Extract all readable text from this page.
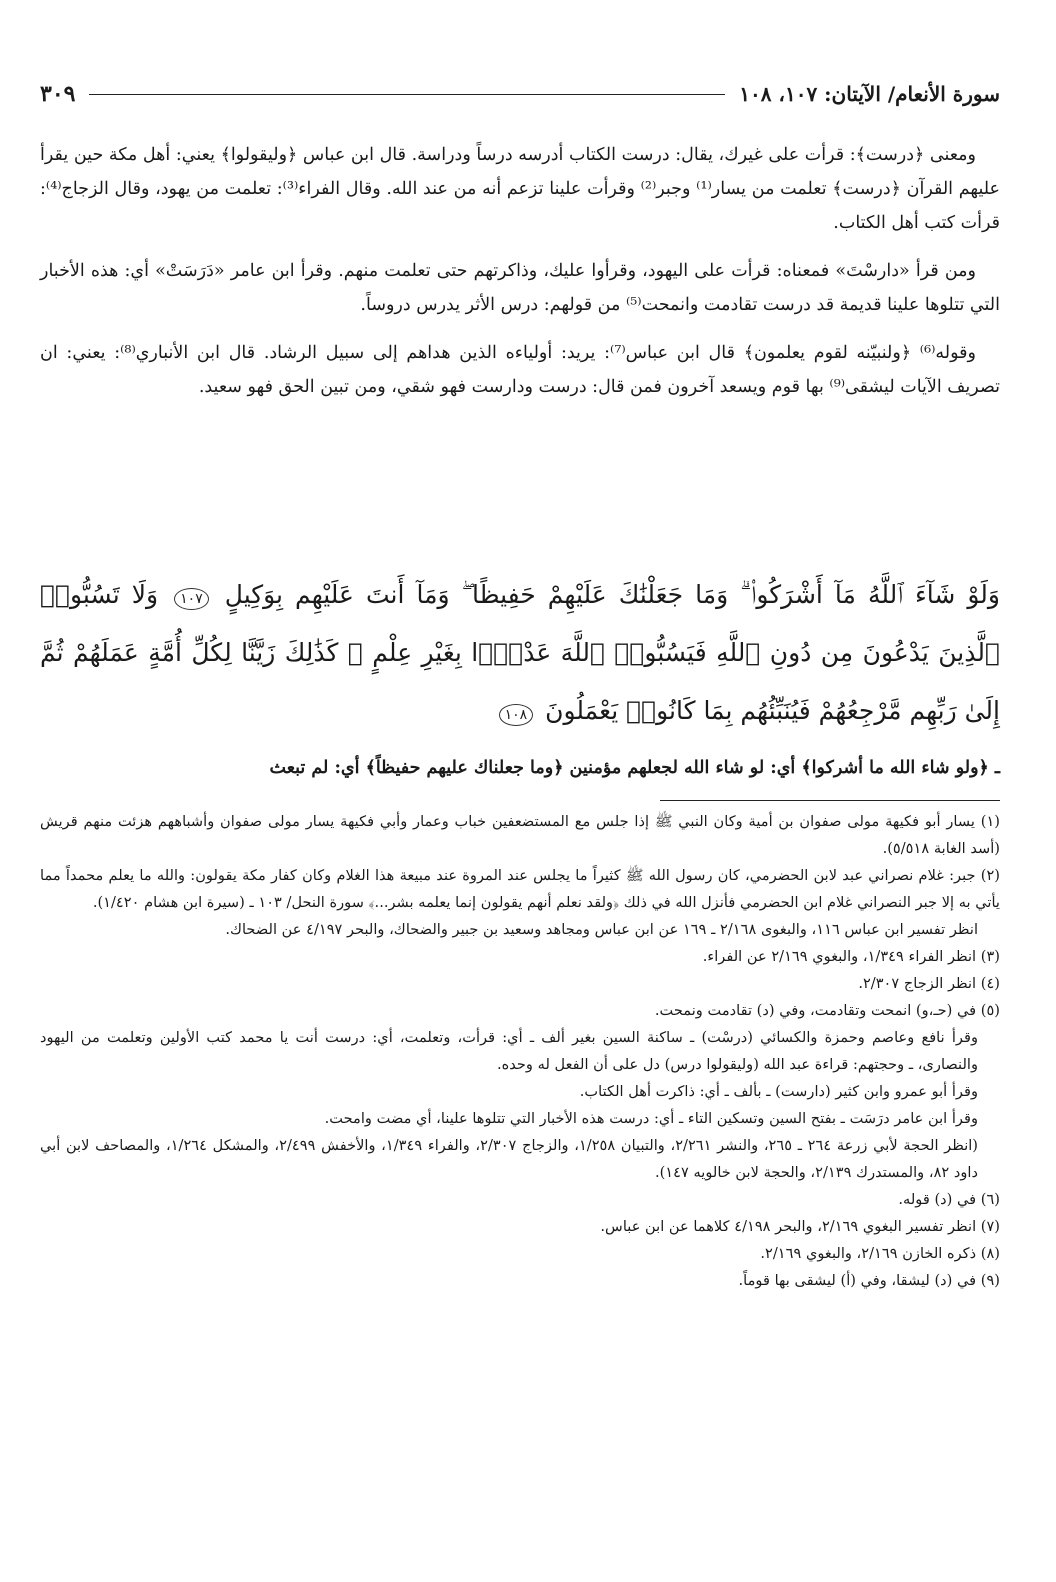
سورة الأنعام/ الآيتان: ١٠٧، ١٠٨
٣٠٩

ومعنى ﴿درست﴾: قرأت على غيرك، يقال: درست الكتاب أدرسه درساً ودراسة. قال ابن عباس ﴿وليقولوا﴾ يعني: أهل مكة حين يقرأ عليهم القرآن ﴿درست﴾ تعلمت من يسار⁽¹⁾ وجبر⁽²⁾ وقرأت علينا تزعم أنه من عند الله. وقال الفراء⁽³⁾: تعلمت من يهود، وقال الزجاج⁽⁴⁾: قرأت كتب أهل الكتاب.

ومن قرأ «دارسْتَ» فمعناه: قرأت على اليهود، وقرأوا عليك، وذاكرتهم حتى تعلمت منهم. وقرأ ابن عامر «دَرَسَتْ» أي: هذه الأخبار التي تتلوها علينا قديمة قد درست تقادمت وانمحت⁽⁵⁾ من قولهم: درس الأثر يدرس دروساً.

وقوله⁽⁶⁾ ﴿ولنبيّنه لقوم يعلمون﴾ قال ابن عباس⁽⁷⁾: يريد: أولياءه الذين هداهم إلى سبيل الرشاد. قال ابن الأنباري⁽⁸⁾: يعني: ان تصريف الآيات ليشقى⁽⁹⁾ بها قوم ويسعد آخرون فمن قال: درست ودارست فهو شقي، ومن تبين الحق فهو سعيد.

وَلَوْ شَآءَ ٱللَّهُ مَآ أَشْرَكُوا۟ ۗ وَمَا جَعَلْنَٰكَ عَلَيْهِمْ حَفِيظًا ۖ وَمَآ أَنتَ عَلَيْهِم بِوَكِيلٍ ١٠٧ وَلَا تَسُبُّوا۟ ٱلَّذِينَ يَدْعُونَ مِن دُونِ ٱللَّهِ فَيَسُبُّوا۟ ٱللَّهَ عَدْوًۢا بِغَيْرِ عِلْمٍ ۗ كَذَٰلِكَ زَيَّنَّا لِكُلِّ أُمَّةٍ عَمَلَهُمْ ثُمَّ إِلَىٰ رَبِّهِم مَّرْجِعُهُمْ فَيُنَبِّئُهُم بِمَا كَانُوا۟ يَعْمَلُونَ ١٠٨

ـ ﴿ولو شاء الله ما أشركوا﴾ أي: لو شاء الله لجعلهم مؤمنين ﴿وما جعلناك عليهم حفيظاً﴾ أي: لم تبعث

(١) يسار أبو فكيهة مولى صفوان بن أمية وكان النبي ﷺ إذا جلس مع المستضعفين خباب وعمار وأبي فكيهة يسار مولى صفوان وأشباههم هزئت منهم قريش (أسد الغابة ٥/٥١٨).

(٢) جبر: غلام نصراني عبد لابن الحضرمي، كان رسول الله ﷺ كثيراً ما يجلس عند المروة عند مبيعة هذا الغلام وكان كفار مكة يقولون: والله ما يعلم محمداً مما يأتي به إلا جبر النصراني غلام ابن الحضرمي فأنزل الله في ذلك ﴿ولقد نعلم أنهم يقولون إنما يعلمه بشر...﴾ سورة النحل/ ١٠٣ ـ (سيرة ابن هشام ١/٤٢٠).

انظر تفسير ابن عباس ١١٦، والبغوى ٢/١٦٨ ـ ١٦٩ عن ابن عباس ومجاهد وسعيد بن جبير والضحاك، والبحر ٤/١٩٧ عن الضحاك.

(٣) انظر الفراء ١/٣٤٩، والبغوي ٢/١٦٩ عن الفراء.

(٤) انظر الزجاج ٢/٣٠٧.

(٥) في (حـ،و) انمحت وتقادمت، وفي (د) تقادمت ونمحت.

وقرأ نافع وعاصم وحمزة والكسائي (درسْت) ـ ساكنة السين بغير ألف ـ أي: قرأت، وتعلمت، أي: درست أنت يا محمد كتب الأولين وتعلمت من اليهود والنصارى، ـ وحجتهم: قراءة عبد الله (وليقولوا درس) دل على أن الفعل له وحده.

وقرأ أبو عمرو وابن كثير (دارست) ـ بألف ـ أي: ذاكرت أهل الكتاب.

وقرأ ابن عامر درَسَت ـ بفتح السين وتسكين التاء ـ أي: درست هذه الأخبار التي تتلوها علينا، أي مضت وامحت.

(انظر الحجة لأبي زرعة ٢٦٤ ـ ٢٦٥، والنشر ٢/٢٦١، والتبيان ١/٢٥٨، والزجاج ٢/٣٠٧، والفراء ١/٣٤٩، والأخفش ٢/٤٩٩، والمشكل ١/٢٦٤، والمصاحف لابن أبي داود ٨٢، والمستدرك ٢/١٣٩، والحجة لابن خالويه ١٤٧).

(٦) في (د) قوله.

(٧) انظر تفسير البغوي ٢/١٦٩، والبحر ٤/١٩٨ كلاهما عن ابن عباس.

(٨) ذكره الخازن ٢/١٦٩، والبغوي ٢/١٦٩.

(٩) في (د) ليشقا، وفي (أ) ليشقى بها قوماً.
